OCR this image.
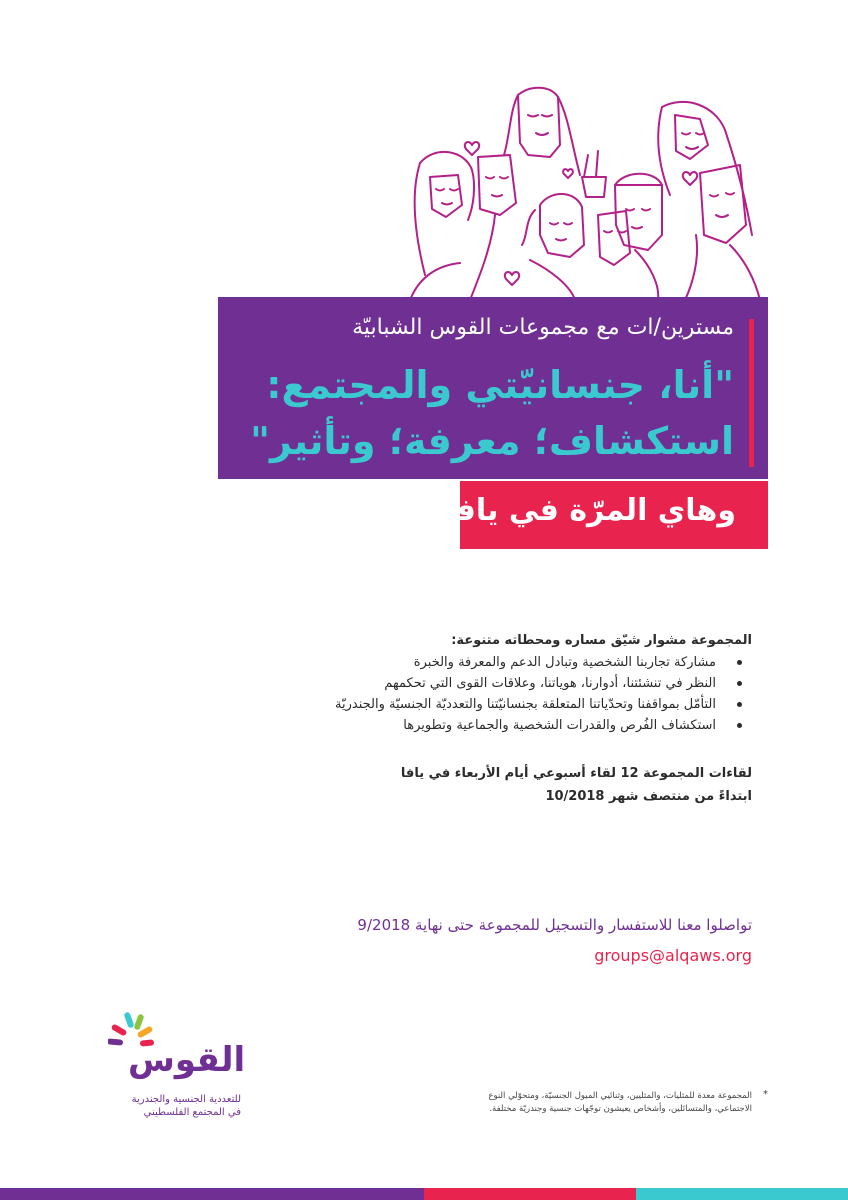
مسترين/ات مع مجموعات القوس الشبابيّة
"أنا، جنسانيّتي والمجتمع:
استكشاف؛ معرفة؛ وتأثير"
وهاي المرّة في يافا!
المجموعة مشوار شيّق مساره ومحطاته متنوعة:
مشاركة تجاربنا الشخصية وتبادل الدعم والمعرفة والخبرة
النظر في تنشئتنا، أدوارنا، هوياتنا، وعلاقات القوى التي تحكمهم
التأمّل بمواقفنا وتحدّياتنا المتعلقة بجنسانيّتنا والتعدديّة الجنسيّة والجندريّة
استكشاف الفُرص والقدرات الشخصية والجماعية وتطويرها
لقاءات المجموعة 12 لقاء أسبوعي أيام الأربعاء في يافا
ابتداءً من منتصف شهر 10/2018
تواصلوا معنا للاستفسار والتسجيل للمجموعة حتى نهاية 9/2018
groups@alqaws.org
القوس
للتعددية الجنسية والجندرية
في المجتمع الفلسطيني
*
المجموعة معدة للمثليات، والمثليين، وثنائيي الميول الجنسيّة، ومتحوّلي النوع الاجتماعي، والمتسائلين، وأشخاص يعيشون توجّهات جنسية وجندريّة مختلفة.
